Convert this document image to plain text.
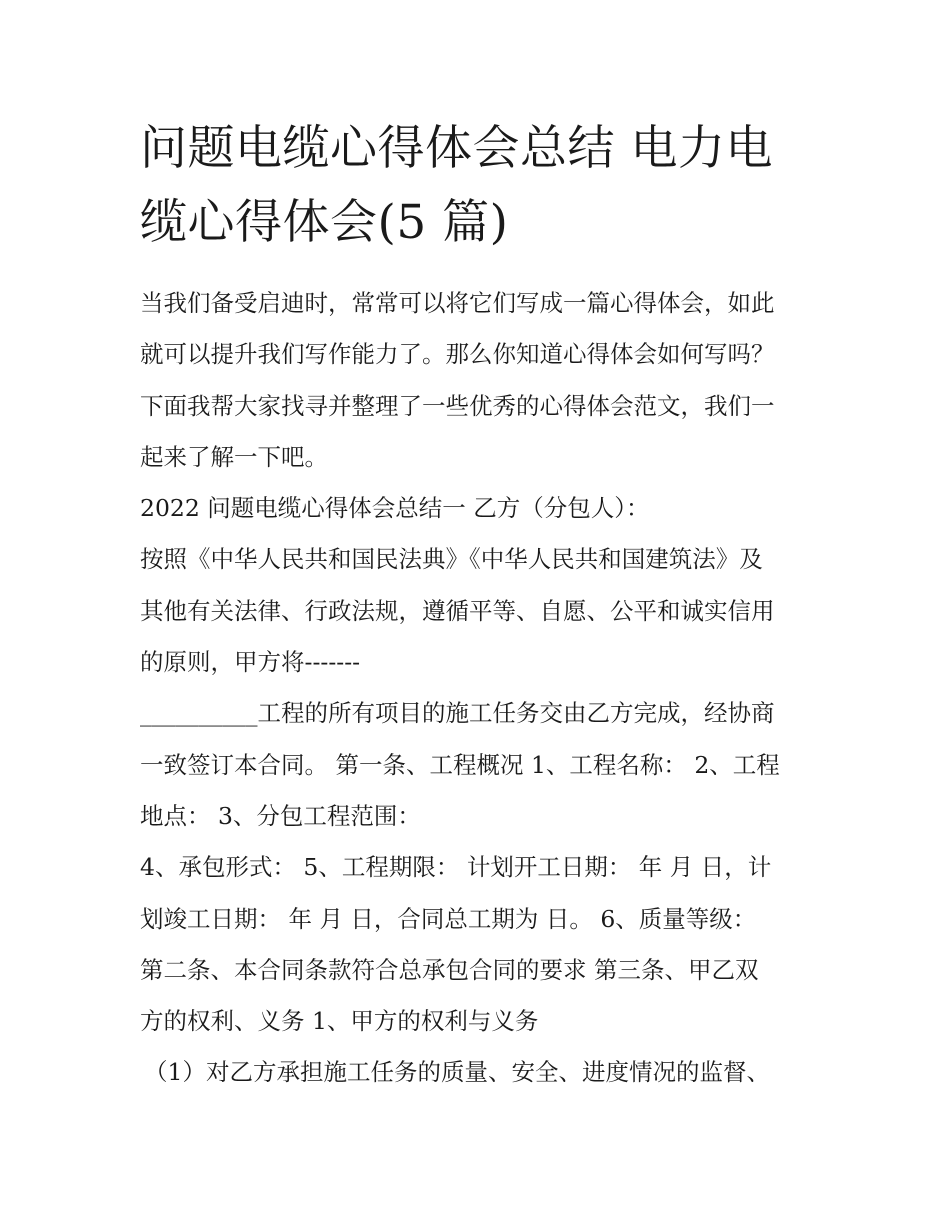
问题电缆心得体会总结 电力电
缆心得体会(5 篇)
当我们备受启迪时，常常可以将它们写成一篇心得体会，如此
就可以提升我们写作能力了。那么你知道心得体会如何写吗？
下面我帮大家找寻并整理了一些优秀的心得体会范文，我们一
起来了解一下吧。
2022 问题电缆心得体会总结一 乙方（分包人）：
按照《中华人民共和国民法典》《中华人民共和国建筑法》及
其他有关法律、行政法规，遵循平等、自愿、公平和诚实信用
的原则，甲方将-------
__________工程的所有项目的施工任务交由乙方完成，经协商
一致签订本合同。 第一条、工程概况 1、工程名称： 2、工程
地点： 3、分包工程范围：
4、承包形式： 5、工程期限： 计划开工日期： 年 月 日，计
划竣工日期： 年 月 日，合同总工期为 日。 6、质量等级：
第二条、本合同条款符合总承包合同的要求 第三条、甲乙双
方的权利、义务 1、甲方的权利与义务
（1）对乙方承担施工任务的质量、安全、进度情况的监督、
